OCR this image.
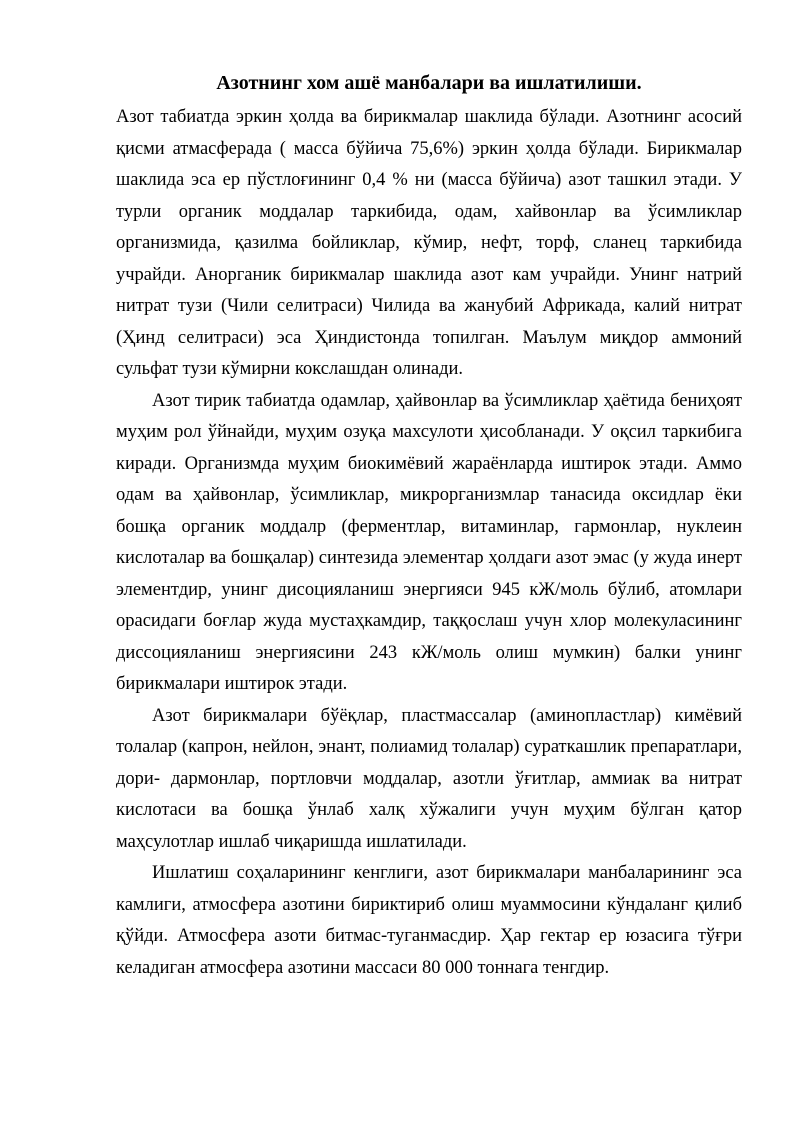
Азотнинг хом ашё манбалари ва ишлатилиши.

Азот табиатда эркин ҳолда ва бирикмалар шаклида бўлади. Азотнинг асосий қисми атмасферада ( масса бўйича 75,6%) эркин ҳолда бўлади. Бирикмалар шаклида эса ер пўстлоғининг 0,4 % ни (масса бўйича) азот ташкил этади. У турли органик моддалар таркибида, одам, хайвонлар ва ўсимликлар организмида, қазилма бойликлар, кўмир, нефт, торф, сланец таркибида учрайди. Анорганик бирикмалар шаклида азот кам учрайди. Унинг натрий нитрат тузи (Чили селитраси) Чилида ва жанубий Африкада, калий нитрат (Ҳинд селитраси) эса Ҳиндистонда топилган. Маълум миқдор аммоний сульфат тузи кўмирни кокслашдан олинади.

Азот тирик табиатда одамлар, ҳайвонлар ва ўсимликлар ҳаётида бениҳоят муҳим рол ўйнайди, муҳим озуқа махсулоти ҳисобланади. У оқсил таркибига киради. Организмда муҳим биокимёвий жараёнларда иштирок этади. Аммо одам ва ҳайвонлар, ўсимликлар, микрорганизмлар танасида оксидлар ёки бошқа органик моддалр (ферментлар, витаминлар, гармонлар, нуклеин кислоталар ва бошқалар) синтезида элементар ҳолдаги азот эмас (у жуда инерт элементдир, унинг дисоцияланиш энергияси 945 кЖ/моль бўлиб, атомлари орасидаги боғлар жуда мустаҳкамдир, таққослаш учун хлор молекуласининг диссоцияланиш энергиясини 243 кЖ/моль олиш мумкин) балки унинг бирикмалари иштирок этади.

Азот бирикмалари бўёқлар, пластмассалар (аминопластлар) кимёвий толалар (капрон, нейлон, энант, полиамид толалар) сураткашлик препаратлари, дори- дармонлар, портловчи моддалар, азотли ўғитлар, аммиак ва нитрат кислотаси ва бошқа ўнлаб халқ хўжалиги учун муҳим бўлган қатор маҳсулотлар ишлаб чиқаришда ишлатилади.

Ишлатиш соҳаларининг кенглиги, азот бирикмалари манбаларининг эса камлиги, атмосфера азотини бириктириб олиш муаммосини кўндаланг қилиб қўйди. Атмосфера азоти битмас-туганмасдир. Ҳар гектар ер юзасига тўғри келадиган атмосфера азотини массаси 80 000 тоннага тенгдир.
